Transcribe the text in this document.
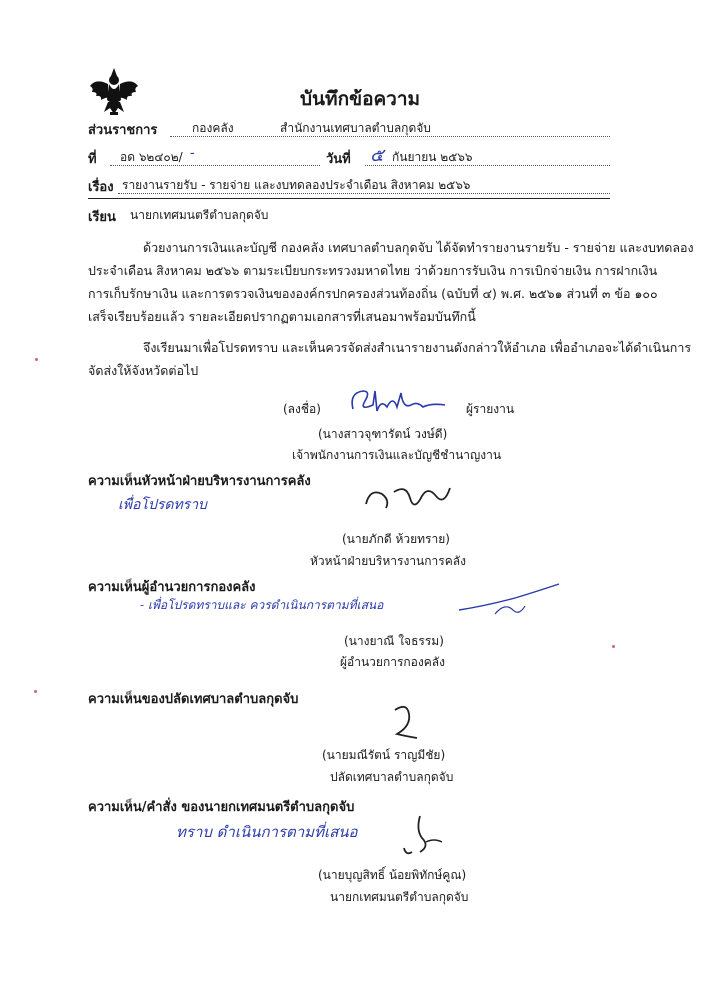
บันทึกข้อความ
ส่วนราชการ	กองคลัง	สำนักงานเทศบาลตำบลกุดจับ
ที่ อด ๖๒๔๐๒/ -	วันที่ ๕ กันยายน ๒๕๖๖
เรื่อง รายงานรายรับ - รายจ่าย และงบทดลองประจำเดือน สิงหาคม ๒๕๖๖
เรียน นายกเทศมนตรีตำบลกุดจับ
ด้วยงานการเงินและบัญชี กองคลัง เทศบาลตำบลกุดจับ ได้จัดทำรายงานรายรับ - รายจ่าย และงบทดลอง
ประจำเดือน สิงหาคม ๒๕๖๖ ตามระเบียบกระทรวงมหาดไทย ว่าด้วยการรับเงิน การเบิกจ่ายเงิน การฝากเงิน
การเก็บรักษาเงิน และการตรวจเงินขององค์กรปกครองส่วนท้องถิ่น (ฉบับที่ ๔) พ.ศ. ๒๕๖๑ ส่วนที่ ๓ ข้อ ๑๐๐
เสร็จเรียบร้อยแล้ว รายละเอียดปรากฏตามเอกสารที่เสนอมาพร้อมบันทึกนี้
จึงเรียนมาเพื่อโปรดทราบ และเห็นควรจัดส่งสำเนารายงานดังกล่าวให้อำเภอ เพื่ออำเภอจะได้ดำเนินการ
จัดส่งให้จังหวัดต่อไป
(ลงชื่อ)	ผู้รายงาน
(นางสาวจุฑารัตน์ วงษ์ดี)
เจ้าพนักงานการเงินและบัญชีชำนาญงาน
ความเห็นหัวหน้าฝ่ายบริหารงานการคลัง
เพื่อโปรดทราบ
(นายภักดี ห้วยทราย)
หัวหน้าฝ่ายบริหารงานการคลัง
ความเห็นผู้อำนวยการกองคลัง
- เพื่อโปรดทราบและ ควรดำเนินการตามที่เสนอ
(นางยาณี ใจธรรม)
ผู้อำนวยการกองคลัง
ความเห็นของปลัดเทศบาลตำบลกุดจับ
(นายมณีรัตน์ ราญมีชัย)
ปลัดเทศบาลตำบลกุดจับ
ความเห็น/คำสั่ง ของนายกเทศมนตรีตำบลกุดจับ
ทราบ ดำเนินการตามที่เสนอ
(นายบุญสิทธิ์ น้อยพิทักษ์คูณ)
นายกเทศมนตรีตำบลกุดจับ
